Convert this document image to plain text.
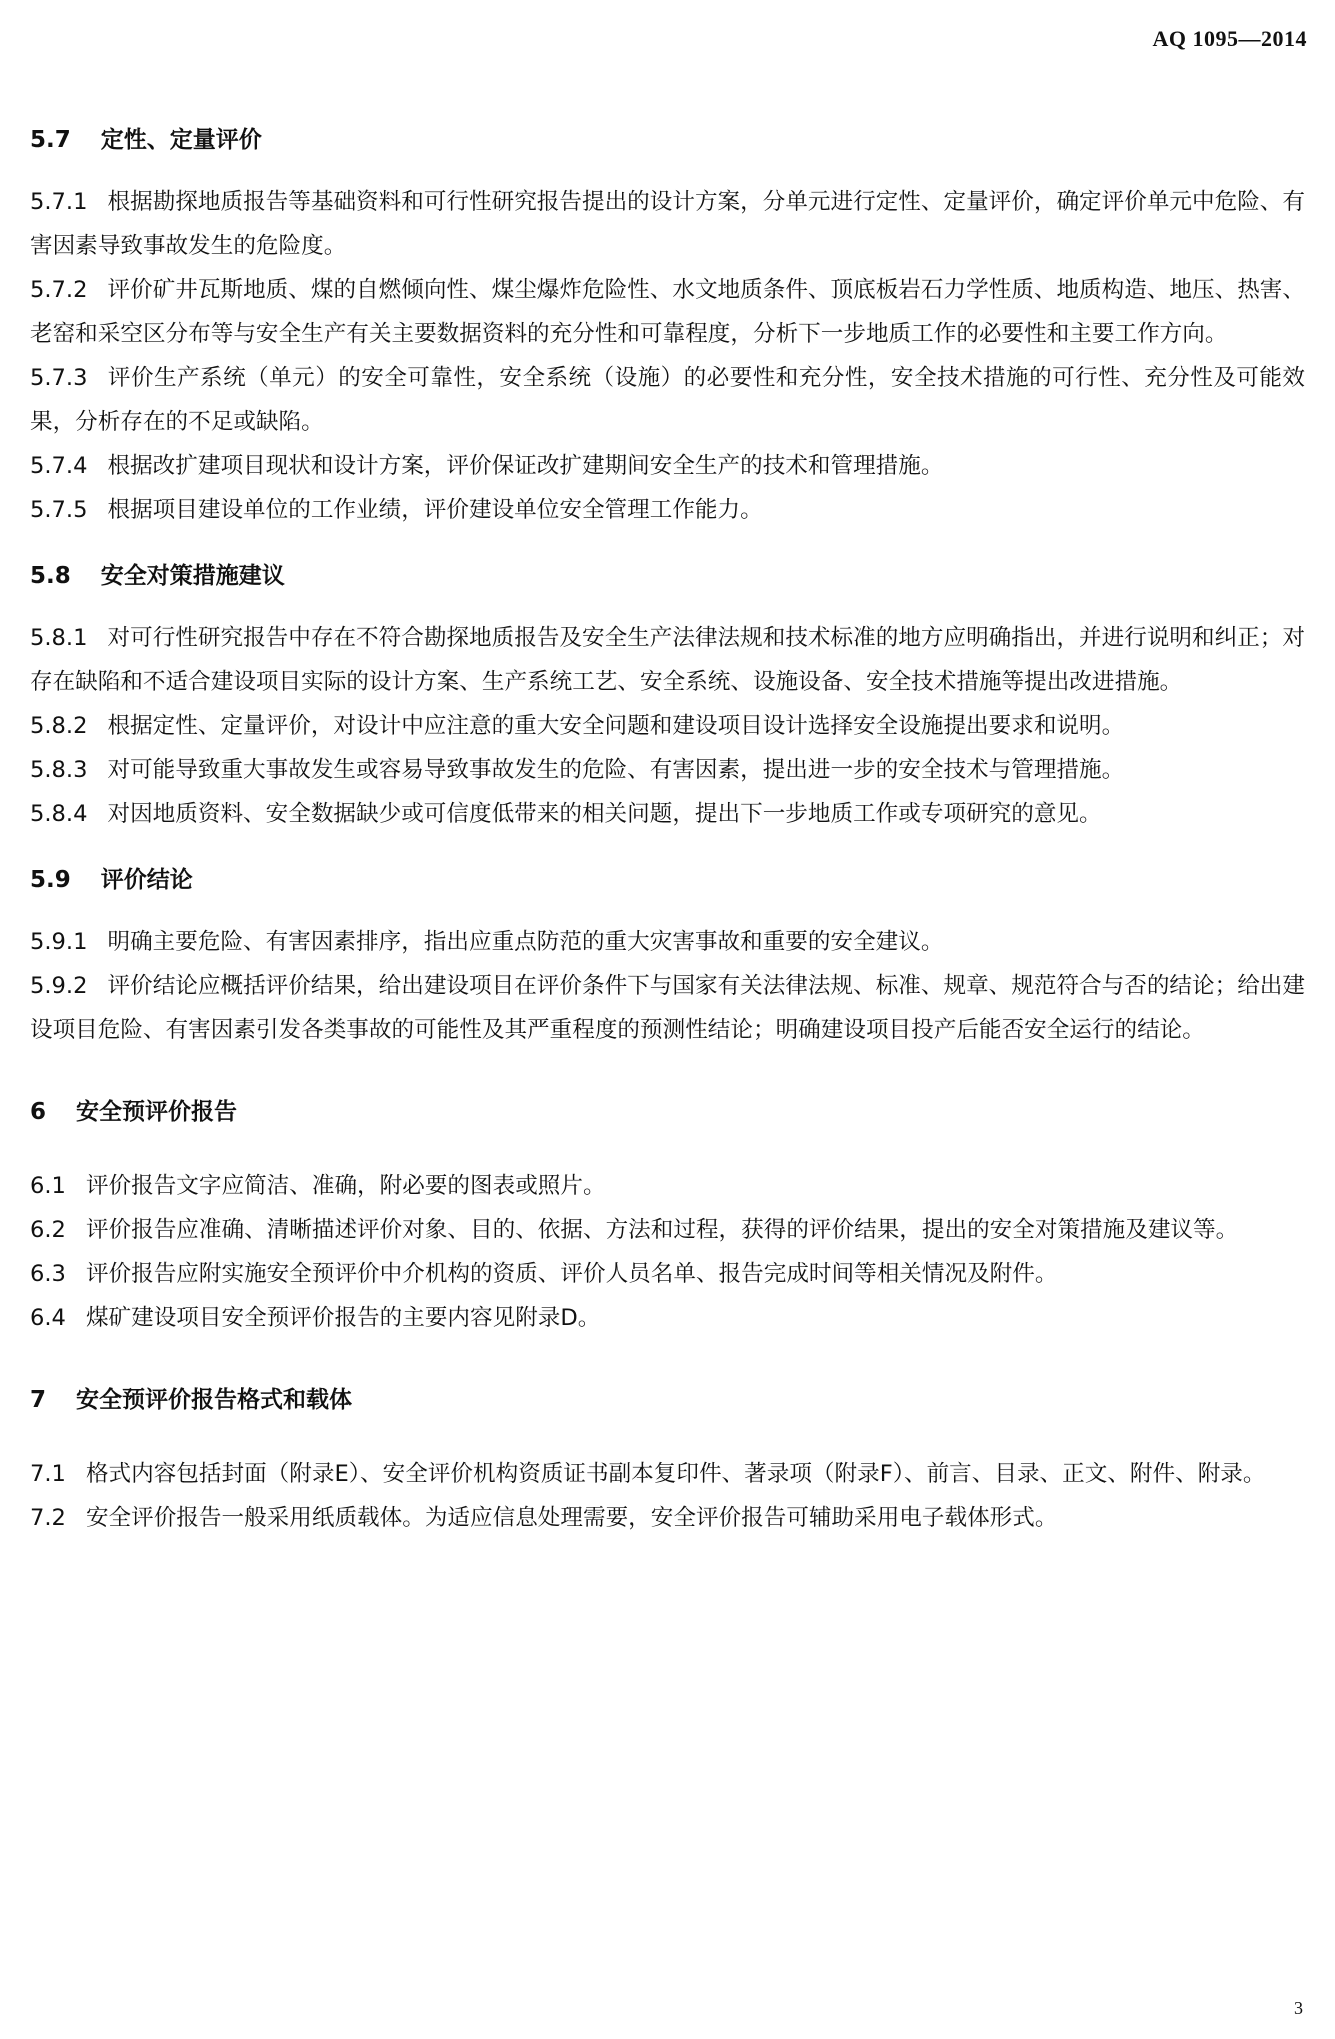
AQ 1095—2014
5.7 定性、定量评价
5.7.1 根据勘探地质报告等基础资料和可行性研究报告提出的设计方案，分单元进行定性、定量评价，确定评价单元中危险、有害因素导致事故发生的危险度。
5.7.2 评价矿井瓦斯地质、煤的自燃倾向性、煤尘爆炸危险性、水文地质条件、顶底板岩石力学性质、地质构造、地压、热害、老窑和采空区分布等与安全生产有关主要数据资料的充分性和可靠程度，分析下一步地质工作的必要性和主要工作方向。
5.7.3 评价生产系统（单元）的安全可靠性，安全系统（设施）的必要性和充分性，安全技术措施的可行性、充分性及可能效果，分析存在的不足或缺陷。
5.7.4 根据改扩建项目现状和设计方案，评价保证改扩建期间安全生产的技术和管理措施。
5.7.5 根据项目建设单位的工作业绩，评价建设单位安全管理工作能力。
5.8 安全对策措施建议
5.8.1 对可行性研究报告中存在不符合勘探地质报告及安全生产法律法规和技术标准的地方应明确指出，并进行说明和纠正；对存在缺陷和不适合建设项目实际的设计方案、生产系统工艺、安全系统、设施设备、安全技术措施等提出改进措施。
5.8.2 根据定性、定量评价，对设计中应注意的重大安全问题和建设项目设计选择安全设施提出要求和说明。
5.8.3 对可能导致重大事故发生或容易导致事故发生的危险、有害因素，提出进一步的安全技术与管理措施。
5.8.4 对因地质资料、安全数据缺少或可信度低带来的相关问题，提出下一步地质工作或专项研究的意见。
5.9 评价结论
5.9.1 明确主要危险、有害因素排序，指出应重点防范的重大灾害事故和重要的安全建议。
5.9.2 评价结论应概括评价结果，给出建设项目在评价条件下与国家有关法律法规、标准、规章、规范符合与否的结论；给出建设项目危险、有害因素引发各类事故的可能性及其严重程度的预测性结论；明确建设项目投产后能否安全运行的结论。
6 安全预评价报告
6.1 评价报告文字应简洁、准确，附必要的图表或照片。
6.2 评价报告应准确、清晰描述评价对象、目的、依据、方法和过程，获得的评价结果，提出的安全对策措施及建议等。
6.3 评价报告应附实施安全预评价中介机构的资质、评价人员名单、报告完成时间等相关情况及附件。
6.4 煤矿建设项目安全预评价报告的主要内容见附录D。
7 安全预评价报告格式和载体
7.1 格式内容包括封面（附录E）、安全评价机构资质证书副本复印件、著录项（附录F）、前言、目录、正文、附件、附录。
7.2 安全评价报告一般采用纸质载体。为适应信息处理需要，安全评价报告可辅助采用电子载体形式。
3
